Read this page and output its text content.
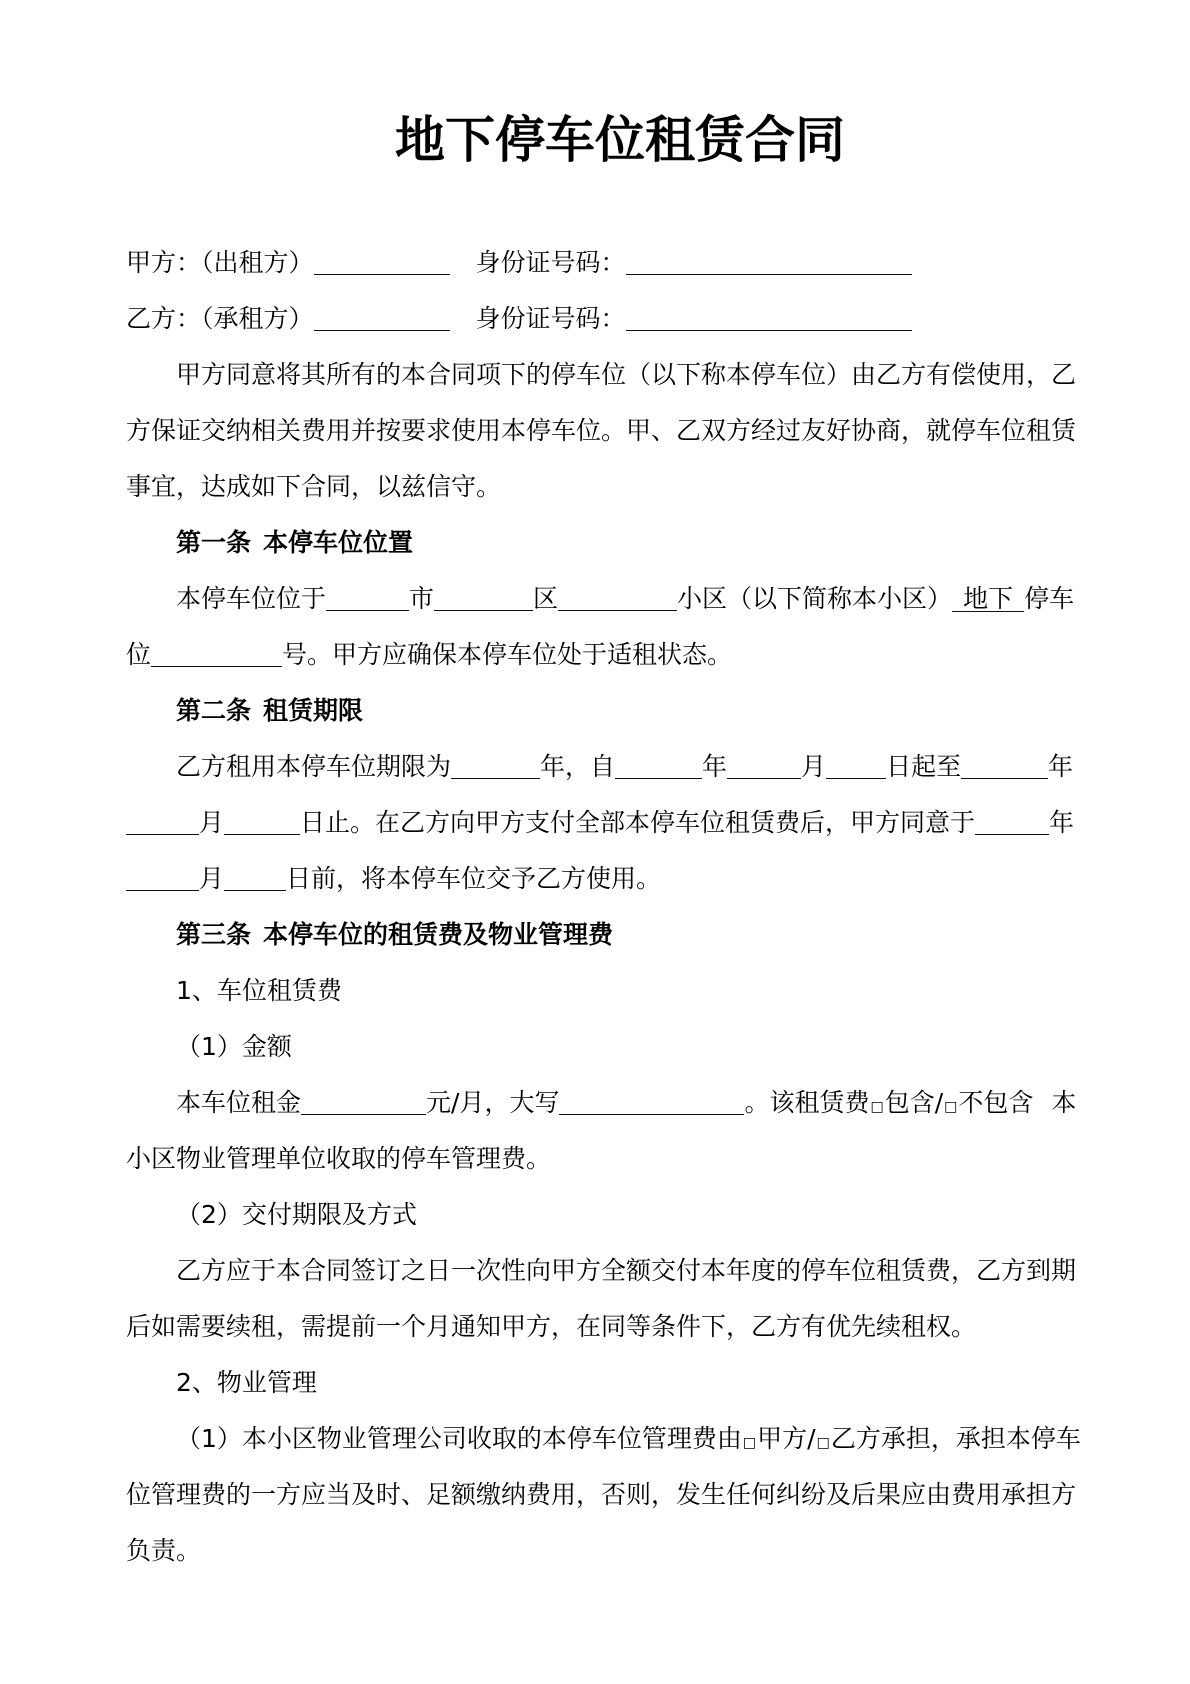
地下停车位租赁合同
甲方：（出租方）	身份证号码：
乙方：（承租方）	身份证号码：
甲方同意将其所有的本合同项下的停车位（以下称本停车位）由乙方有偿使用，乙
方保证交纳相关费用并按要求使用本停车位。甲、乙双方经过友好协商，就停车位租赁
事宜，达成如下合同，以兹信守。
第一条 本停车位位置
本停车位位于	市	区	小区（以下简称本小区） 地下 停车
位	号。甲方应确保本停车位处于适租状态。
第二条 租赁期限
乙方租用本停车位期限为	年，自	年	月 日起至	年
月	日止。在乙方向甲方支付全部本停车位租赁费后，甲方同意于	年
月 日前，将本停车位交予乙方使用。
第三条 本停车位的租赁费及物业管理费
1、车位租赁费
（1）金额
本车位租金	元/月，大写	。该租赁费□包含/□不包含 本
小区物业管理单位收取的停车管理费。
（2）交付期限及方式
乙方应于本合同签订之日一次性向甲方全额交付本年度的停车位租赁费，乙方到期
后如需要续租，需提前一个月通知甲方，在同等条件下，乙方有优先续租权。
2、物业管理
（1）本小区物业管理公司收取的本停车位管理费由□甲方/□乙方承担，承担本停车
位管理费的一方应当及时、足额缴纳费用，否则，发生任何纠纷及后果应由费用承担方
负责。
